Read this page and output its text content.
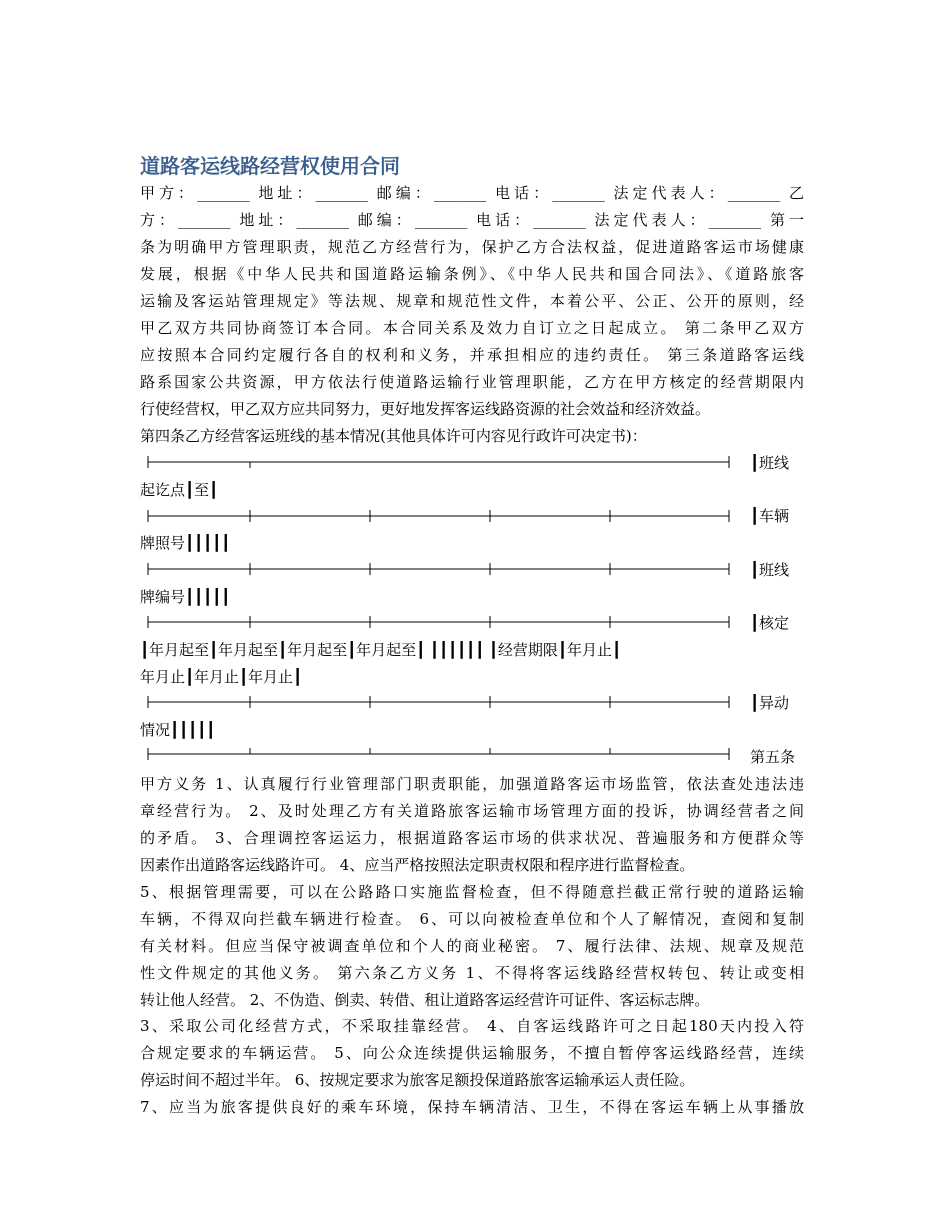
道路客运线路经营权使用合同
甲方：_______ 地址：_______ 邮编：_______ 电话：_______ 法定代表人：_______ 乙
方：_______ 地址：_______ 邮编：_______ 电话：_______ 法定代表人：_______ 第一
条为明确甲方管理职责，规范乙方经营行为，保护乙方合法权益，促进道路客运市场健康
发展，根据《中华人民共和国道路运输条例》、《中华人民共和国合同法》、《道路旅客
运输及客运站管理规定》等法规、规章和规范性文件，本着公平、公正、公开的原则，经
甲乙双方共同协商签订本合同。本合同关系及效力自订立之日起成立。 第二条甲乙双方
应按照本合同约定履行各自的权利和义务，并承担相应的违约责任。 第三条道路客运线
路系国家公共资源，甲方依法行使道路运输行业管理职能，乙方在甲方核定的经营期限内
行使经营权，甲乙双方应共同努力，更好地发挥客运线路资源的社会效益和经济效益。
第四条乙方经营客运班线的基本情况(其他具体许可内容见行政许可决定书)：
┃班线
起讫点┃至┃
┃车辆
牌照号┃┃┃┃┃
┃班线
牌编号┃┃┃┃┃
┃核定
┃年月起至┃年月起至┃年月起至┃年月起至┃ ┃┃┃┃┃┃ ┃经营期限┃年月止┃
年月止┃年月止┃年月止┃
┃异动
情况┃┃┃┃┃
第五条
甲方义务 1、认真履行行业管理部门职责职能，加强道路客运市场监管，依法查处违法违
章经营行为。 2、及时处理乙方有关道路旅客运输市场管理方面的投诉，协调经营者之间
的矛盾。 3、合理调控客运运力，根据道路客运市场的供求状况、普遍服务和方便群众等
因素作出道路客运线路许可。 4、应当严格按照法定职责权限和程序进行监督检查。
5、根据管理需要，可以在公路路口实施监督检查，但不得随意拦截正常行驶的道路运输
车辆，不得双向拦截车辆进行检查。 6、可以向被检查单位和个人了解情况，查阅和复制
有关材料。但应当保守被调查单位和个人的商业秘密。 7、履行法律、法规、规章及规范
性文件规定的其他义务。 第六条乙方义务 1、不得将客运线路经营权转包、转让或变相
转让他人经营。 2、不伪造、倒卖、转借、租让道路客运经营许可证件、客运标志牌。
3、采取公司化经营方式，不采取挂靠经营。 4、自客运线路许可之日起180天内投入符
合规定要求的车辆运营。 5、向公众连续提供运输服务，不擅自暂停客运线路经营，连续
停运时间不超过半年。 6、按规定要求为旅客足额投保道路旅客运输承运人责任险。
7、应当为旅客提供良好的乘车环境，保持车辆清洁、卫生，不得在客运车辆上从事播放
